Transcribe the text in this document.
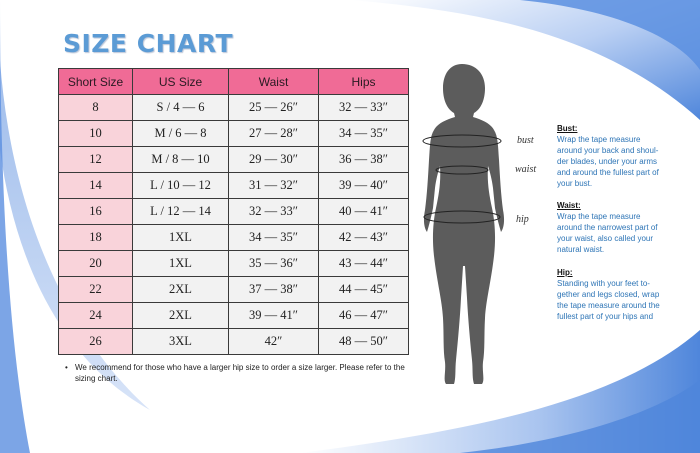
SIZE CHART
Short Size	US Size	Waist	Hips
8	S / 4 — 6	25 — 26″	32 — 33″
10	M / 6 — 8	27 — 28″	34 — 35″
12	M / 8 — 10	29 — 30″	36 — 38″
14	L / 10 — 12	31 — 32″	39 — 40″
16	L / 12 — 14	32 — 33″	40 — 41″
18	1XL	34 — 35″	42 — 43″
20	1XL	35 — 36″	43 — 44″
22	2XL	37 — 38″	44 — 45″
24	2XL	39 — 41″	46 — 47″
26	3XL	42″	48 — 50″
• We recommend for those who have a larger hip size to order a size larger. Please refer to the sizing chart.
bust
waist
hip
Bust:
Wrap the tape measure
around your back and shoul-
der blades, under your arms
and around the fullest part of
your bust.
Waist:
Wrap the tape measure
around the narrowest part of
your waist, also called your
natural waist.
Hip:
Standing with your feet to-
gether and legs closed, wrap
the tape measure around the
fullest part of your hips and
